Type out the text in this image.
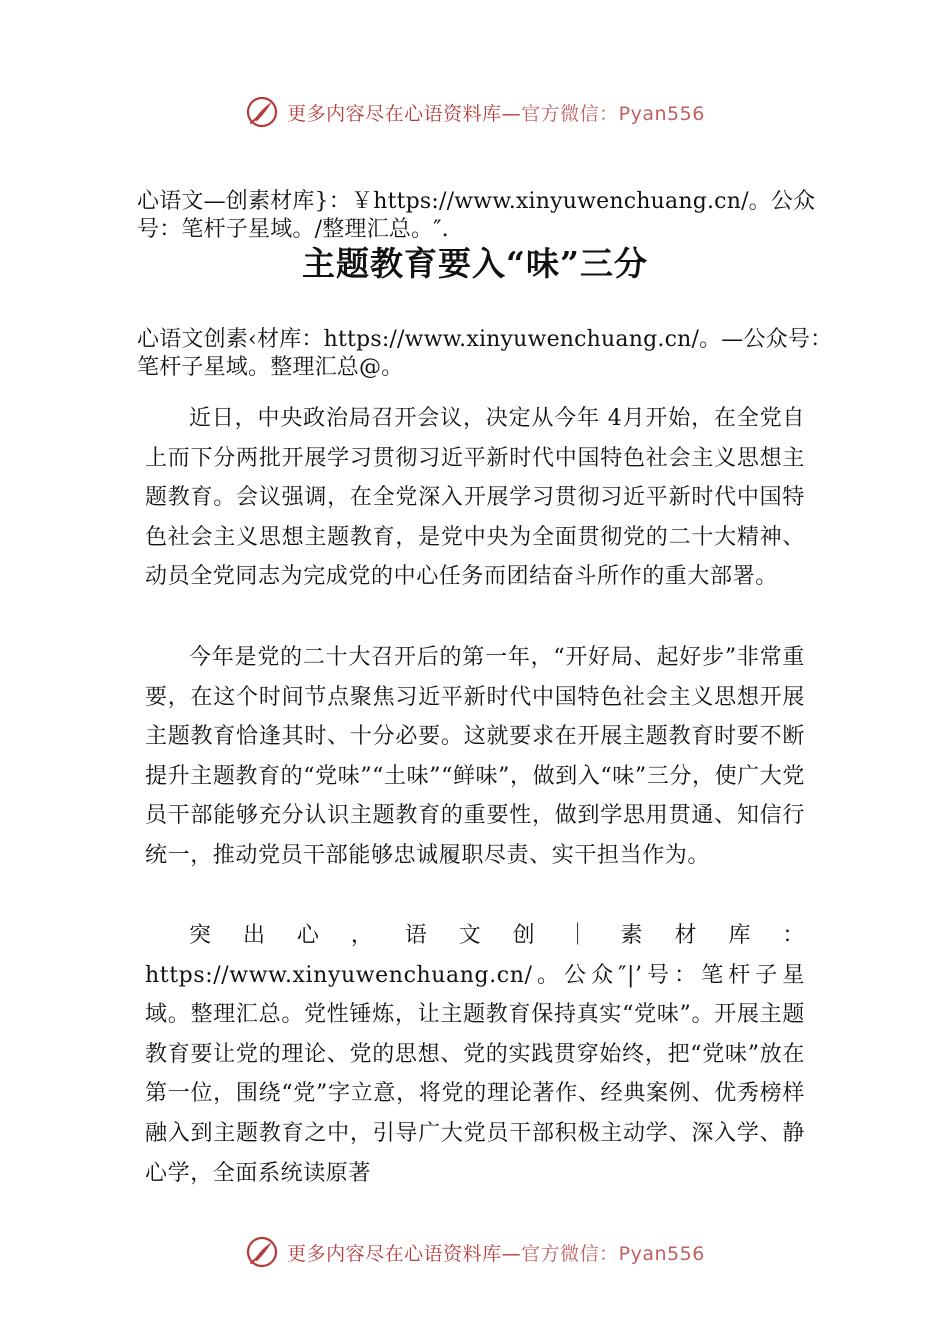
更多内容尽在心语资料库—官方微信：Pyan556
心语文—创素材库}：￥https://www.xinyuwenchuang.cn/。公众号：笔杆子星域。/整理汇总。″.
主题教育要入“味”三分
心语文创素‹材库：https://www.xinyuwenchuang.cn/。—公众号：笔杆子星域。整理汇总@。
近日，中央政治局召开会议，决定从今年 4月开始，在全党自上而下分两批开展学习贯彻习近平新时代中国特色社会主义思想主题教育。会议强调，在全党深入开展学习贯彻习近平新时代中国特色社会主义思想主题教育，是党中央为全面贯彻党的二十大精神、动员全党同志为完成党的中心任务而团结奋斗所作的重大部署。
今年是党的二十大召开后的第一年，“开好局、起好步”非常重要，在这个时间节点聚焦习近平新时代中国特色社会主义思想开展主题教育恰逢其时、十分必要。这就要求在开展主题教育时要不断提升主题教育的“党味”“土味”“鲜味”，做到入“味”三分，使广大党员干部能够充分认识主题教育的重要性，做到学思用贯通、知信行统一，推动党员干部能够忠诚履职尽责、实干担当作为。
突出心，语文创｜素材库：https://www.xinyuwenchuang.cn/。公众″|’号：笔杆子星域。整理汇总。党性锤炼，让主题教育保持真实“党味”。开展主题教育要让党的理论、党的思想、党的实践贯穿始终，把“党味”放在第一位，围绕“党”字立意，将党的理论著作、经典案例、优秀榜样融入到主题教育之中，引导广大党员干部积极主动学、深入学、静心学，全面系统读原著
更多内容尽在心语资料库—官方微信：Pyan556
